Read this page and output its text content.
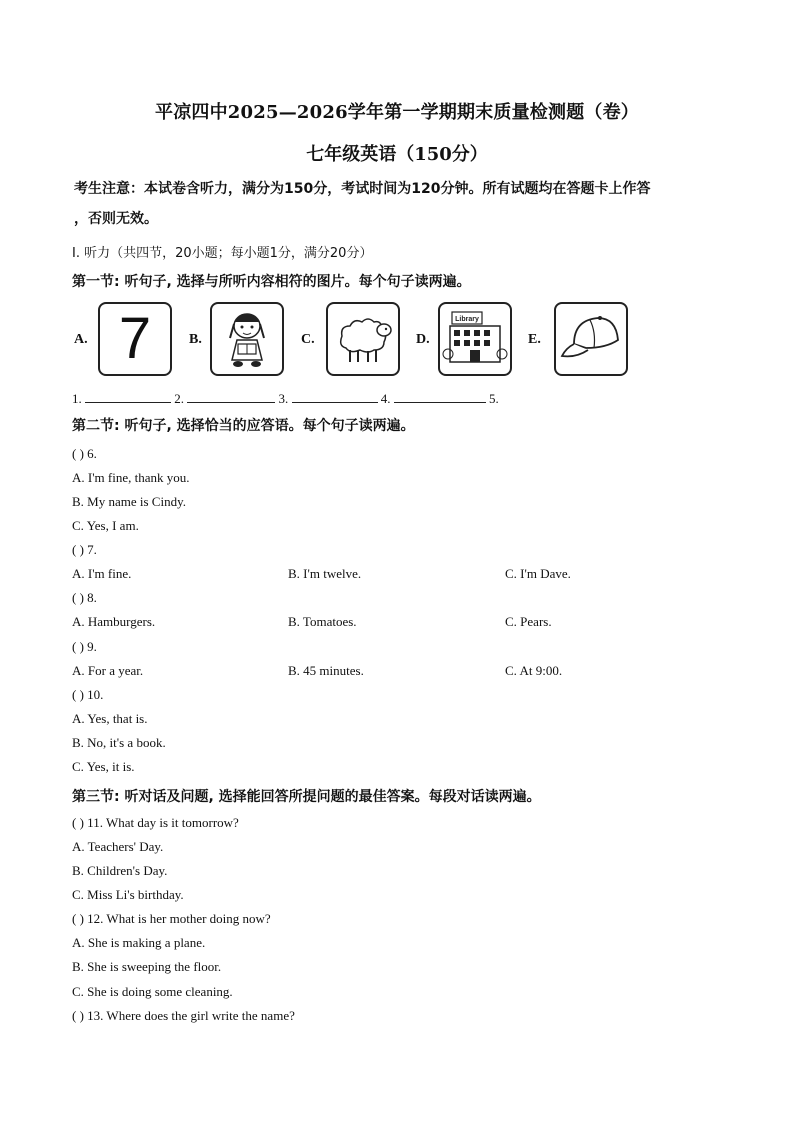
平凉四中2025—2026学年第一学期期末质量检测题（卷）
七年级英语（150分）
考生注意：本试卷含听力，满分为150分，考试时间为120分钟。所有试题均在答题卡上作答
，否则无效。
I. 听力（共四节，20小题；每小题1分，满分20分）
第一节: 听句子, 选择与所听内容相符的图片。每个句子读两遍。
A. 7	B.	C.	D.
Library
E.
1.	2.	3.	4.	5.
第二节: 听句子, 选择恰当的应答语。每个句子读两遍。
( ) 6.
A. I'm fine, thank you.
B. My name is Cindy.
C. Yes, I am.
( ) 7.
A. I'm fine.	B. I'm twelve.	C. I'm Dave.
( ) 8.
A. Hamburgers.	B. Tomatoes.	C. Pears.
( ) 9.
A. For a year.	B. 45 minutes.	C. At 9:00.
( ) 10.
A. Yes, that is.
B. No, it's a book.
C. Yes, it is.
第三节: 听对话及问题, 选择能回答所提问题的最佳答案。每段对话读两遍。
( ) 11. What day is it tomorrow?
A. Teachers' Day.
B. Children's Day.
C. Miss Li's birthday.
( ) 12. What is her mother doing now?
A. She is making a plane.
B. She is sweeping the floor.
C. She is doing some cleaning.
( ) 13. Where does the girl write the name?
